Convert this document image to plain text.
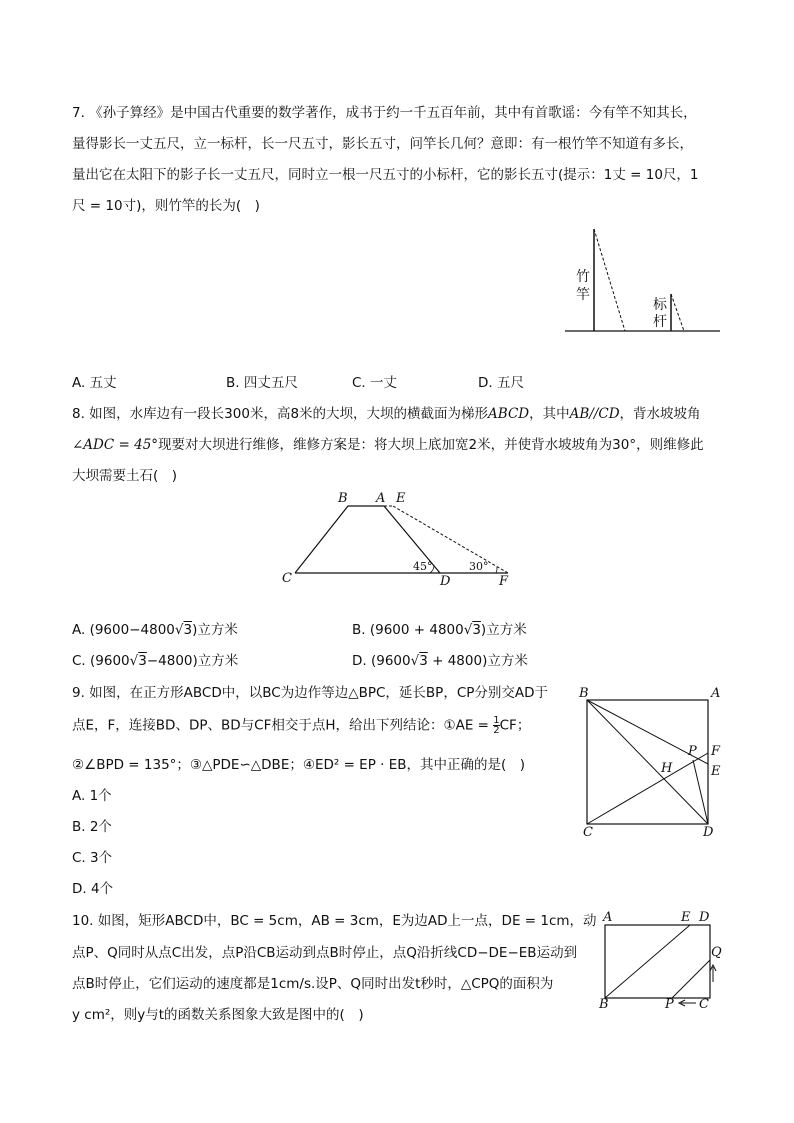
7. 《孙子算经》是中国古代重要的数学著作，成书于约一千五百年前，其中有首歌谣：今有竿不知其长，
量得影长一丈五尺，立一标杆，长一尺五寸，影长五寸，问竿长几何？意即：有一根竹竿不知道有多长，
量出它在太阳下的影子长一丈五尺，同时立一根一尺五寸的小标杆，它的影长五寸(提示：1丈 = 10尺，1
尺 = 10寸)，则竹竿的长为(　)
竹
竿
标
杆
A. 五丈	B. 四丈五尺	C. 一丈	D. 五尺
8. 如图，水库边有一段长300米，高8米的大坝，大坝的横截面为梯形ABCD，其中AB//CD，背水坡坡角
∠ADC = 45°现要对大坝进行维修，维修方案是：将大坝上底加宽2米，并使背水坡坡角为30°，则维修此
大坝需要土石(　)
B A E
C	D	F
45°	30°
A. (9600−4800 √ 3)立方米	B. (9600 + 4800 √ 3)立方米
C. (9600 √ 3−4800)立方米	D. (9600 √ 3 + 4800)立方米
9. 如图，在正方形ABCD中，以BC为边作等边△BPC，延长BP，CP分别交AD于
点E，F，连接BD、DP、BD与CF相交于点H，给出下列结论：①AE = $\frac{1}{2}$ CF；
②∠BPD = 135°；③△PDE∽△DBE；④ED² = EP · EB，其中正确的是(　)
A. 1个
B. 2个
C. 3个
D. 4个
B	A
P F
H	E
C	D
10. 如图，矩形ABCD中，BC = 5cm，AB = 3cm，E为边AD上一点，DE = 1cm，动
点P、Q同时从点C出发，点P沿CB运动到点B时停止，点Q沿折线CD−DE−EB运动到
点B时停止，它们运动的速度都是1cm/s.设P、Q同时出发t秒时，△CPQ的面积为
y cm²，则y与t的函数关系图象大致是图中的(　)
A	E D
Q
B	P C
